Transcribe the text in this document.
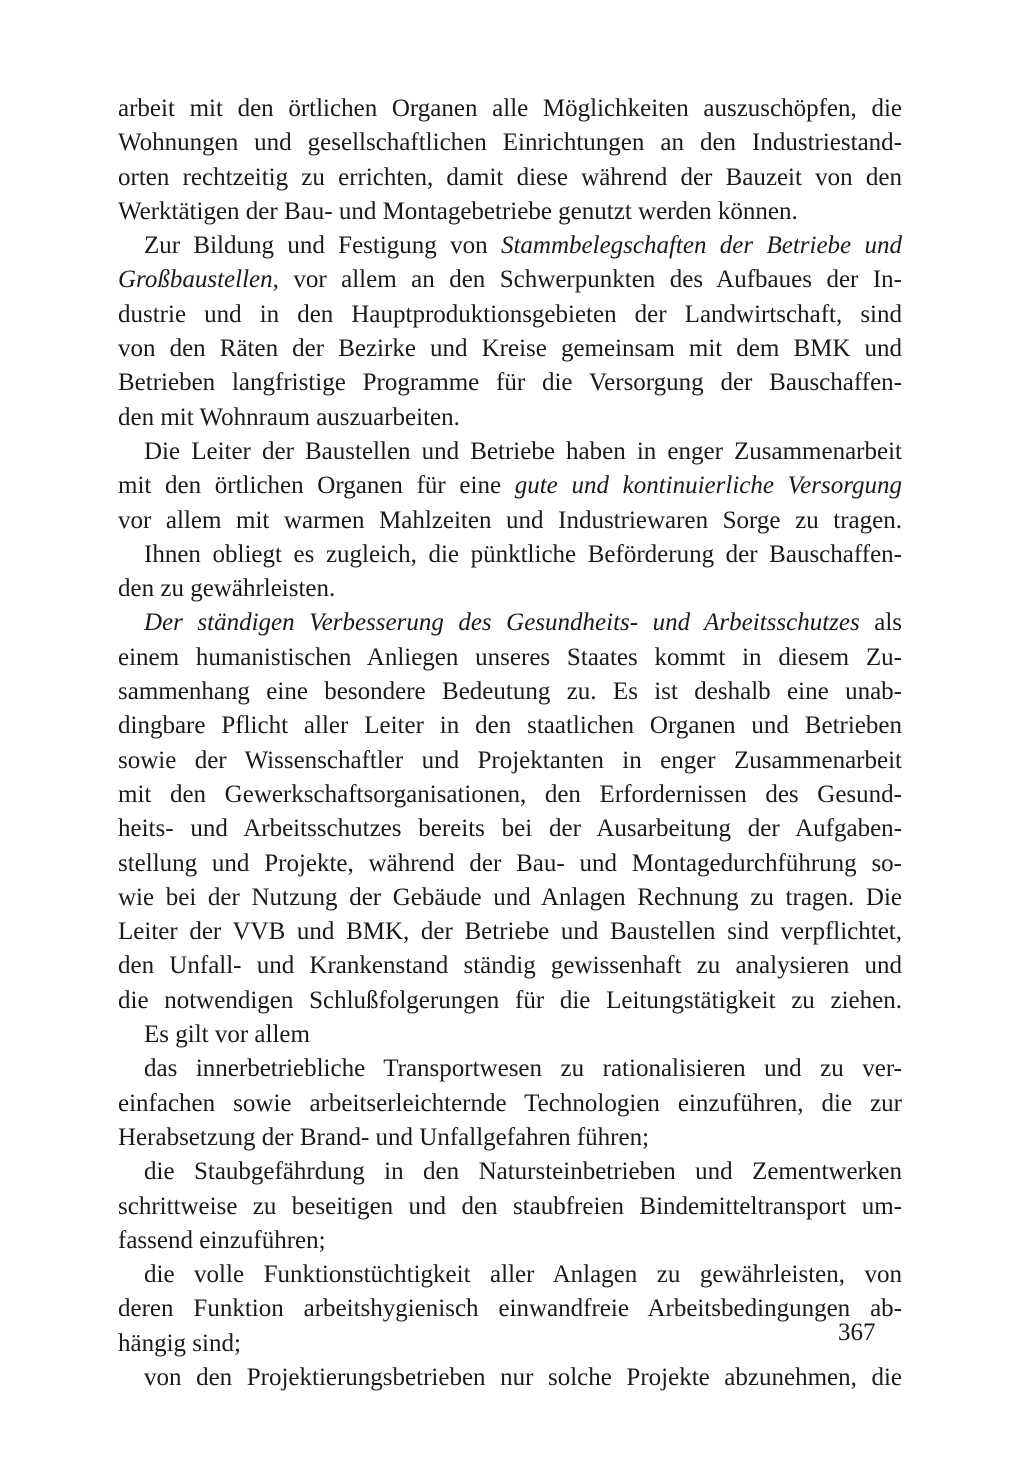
arbeit mit den örtlichen Organen alle Möglichkeiten auszuschöpfen, die
Wohnungen und gesellschaftlichen Einrichtungen an den Industriestand-
orten rechtzeitig zu errichten, damit diese während der Bauzeit von den
Werktätigen der Bau- und Montagebetriebe genutzt werden können.
Zur Bildung und Festigung von Stammbelegschaften der Betriebe und
Großbaustellen, vor allem an den Schwerpunkten des Aufbaues der In-
dustrie und in den Hauptproduktionsgebieten der Landwirtschaft, sind
von den Räten der Bezirke und Kreise gemeinsam mit dem BMK und
Betrieben langfristige Programme für die Versorgung der Bauschaffen-
den mit Wohnraum auszuarbeiten.
Die Leiter der Baustellen und Betriebe haben in enger Zusammenarbeit
mit den örtlichen Organen für eine gute und kontinuierliche Versorgung
vor allem mit warmen Mahlzeiten und Industriewaren Sorge zu tragen.
Ihnen obliegt es zugleich, die pünktliche Beförderung der Bauschaffen-
den zu gewährleisten.
Der ständigen Verbesserung des Gesundheits- und Arbeitsschutzes als
einem humanistischen Anliegen unseres Staates kommt in diesem Zu-
sammenhang eine besondere Bedeutung zu. Es ist deshalb eine unab-
dingbare Pflicht aller Leiter in den staatlichen Organen und Betrieben
sowie der Wissenschaftler und Projektanten in enger Zusammenarbeit
mit den Gewerkschaftsorganisationen, den Erfordernissen des Gesund-
heits- und Arbeitsschutzes bereits bei der Ausarbeitung der Aufgaben-
stellung und Projekte, während der Bau- und Montagedurchführung so-
wie bei der Nutzung der Gebäude und Anlagen Rechnung zu tragen. Die
Leiter der VVB und BMK, der Betriebe und Baustellen sind verpflichtet,
den Unfall- und Krankenstand ständig gewissenhaft zu analysieren und
die notwendigen Schlußfolgerungen für die Leitungstätigkeit zu ziehen.
Es gilt vor allem
das innerbetriebliche Transportwesen zu rationalisieren und zu ver-
einfachen sowie arbeitserleichternde Technologien einzuführen, die zur
Herabsetzung der Brand- und Unfallgefahren führen;
die Staubgefährdung in den Natursteinbetrieben und Zementwerken
schrittweise zu beseitigen und den staubfreien Bindemitteltransport um-
fassend einzuführen;
die volle Funktionstüchtigkeit aller Anlagen zu gewährleisten, von
deren Funktion arbeitshygienisch einwandfreie Arbeitsbedingungen ab-
hängig sind;
von den Projektierungsbetrieben nur solche Projekte abzunehmen, die
367
